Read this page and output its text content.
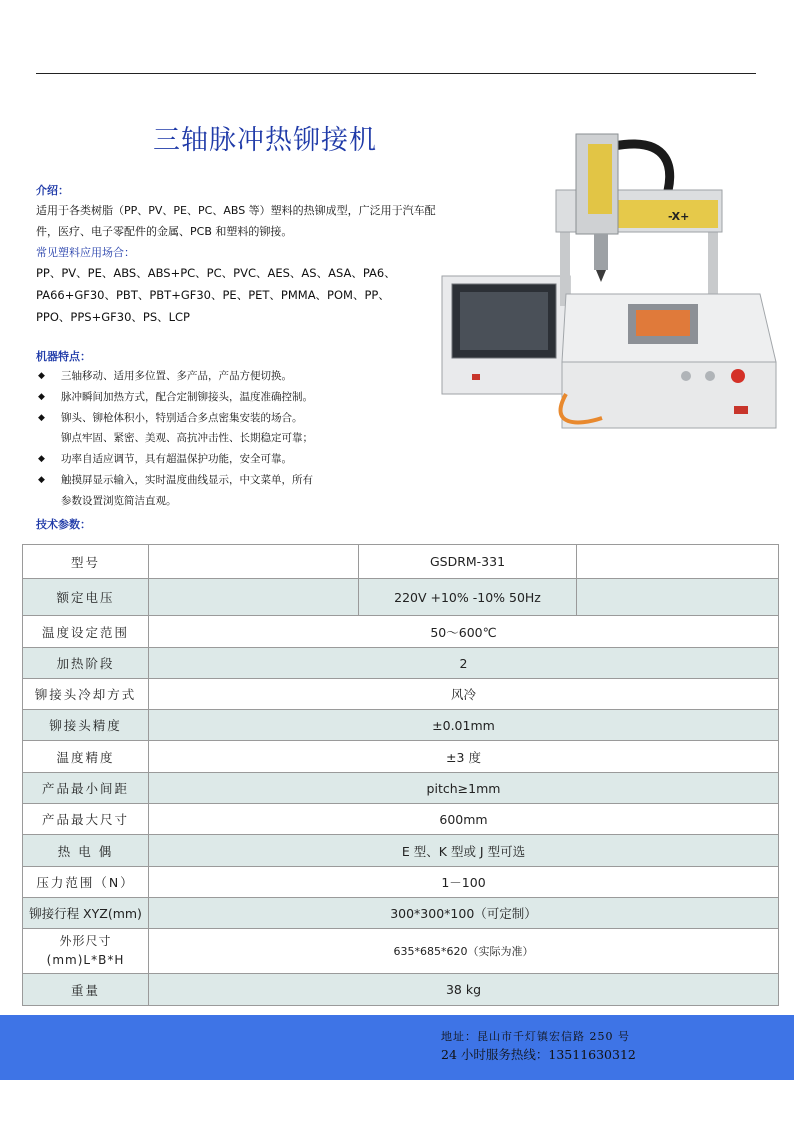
三轴脉冲热铆接机
介绍：
适用于各类树脂（PP、PV、PE、PC、ABS 等）塑料的热铆成型，广泛用于汽车配件，医疗、电子零配件的金属、PCB 和塑料的铆接。
常见塑料应用场合：
PP、PV、PE、ABS、ABS+PC、PC、PVC、AES、AS、ASA、PA6、
PA66+GF30、PBT、PBT+GF30、PE、PET、PMMA、POM、PP、
PPO、PPS+GF30、PS、LCP
机器特点：
◆ 三轴移动、适用多位置、多产品，产品方便切换。
◆ 脉冲瞬间加热方式，配合定制铆接头，温度准确控制。
◆ 铆头、铆枪体积小，特别适合多点密集安装的场合。
铆点牢固、紧密、美观、高抗冲击性、长期稳定可靠；
◆ 功率自适应调节，具有超温保护功能，安全可靠。
◆ 触摸屏显示输入，实时温度曲线显示，中文菜单，所有
参数设置浏览简洁直观。
-X+
技术参数：
型号		GSDRM-331	
额定电压		220V +10% -10% 50Hz	
温度设定范围	50～600℃		
加热阶段	2		
铆接头冷却方式	风冷		
铆接头精度	±0.01mm		
温度精度	±3 度		
产品最小间距	pitch≥1mm		
产品最大尺寸	600mm		
热 电 偶	E 型、K 型或 J 型可选		
压力范围（N）	1－100		
铆接行程 XYZ(mm)	300*300*100（可定制）		

外形尺寸
(mm)L*B*H	635*685*620（实际为准）		
重量	38 kg		
地址：昆山市千灯镇宏信路 250 号
24 小时服务热线：13511630312
